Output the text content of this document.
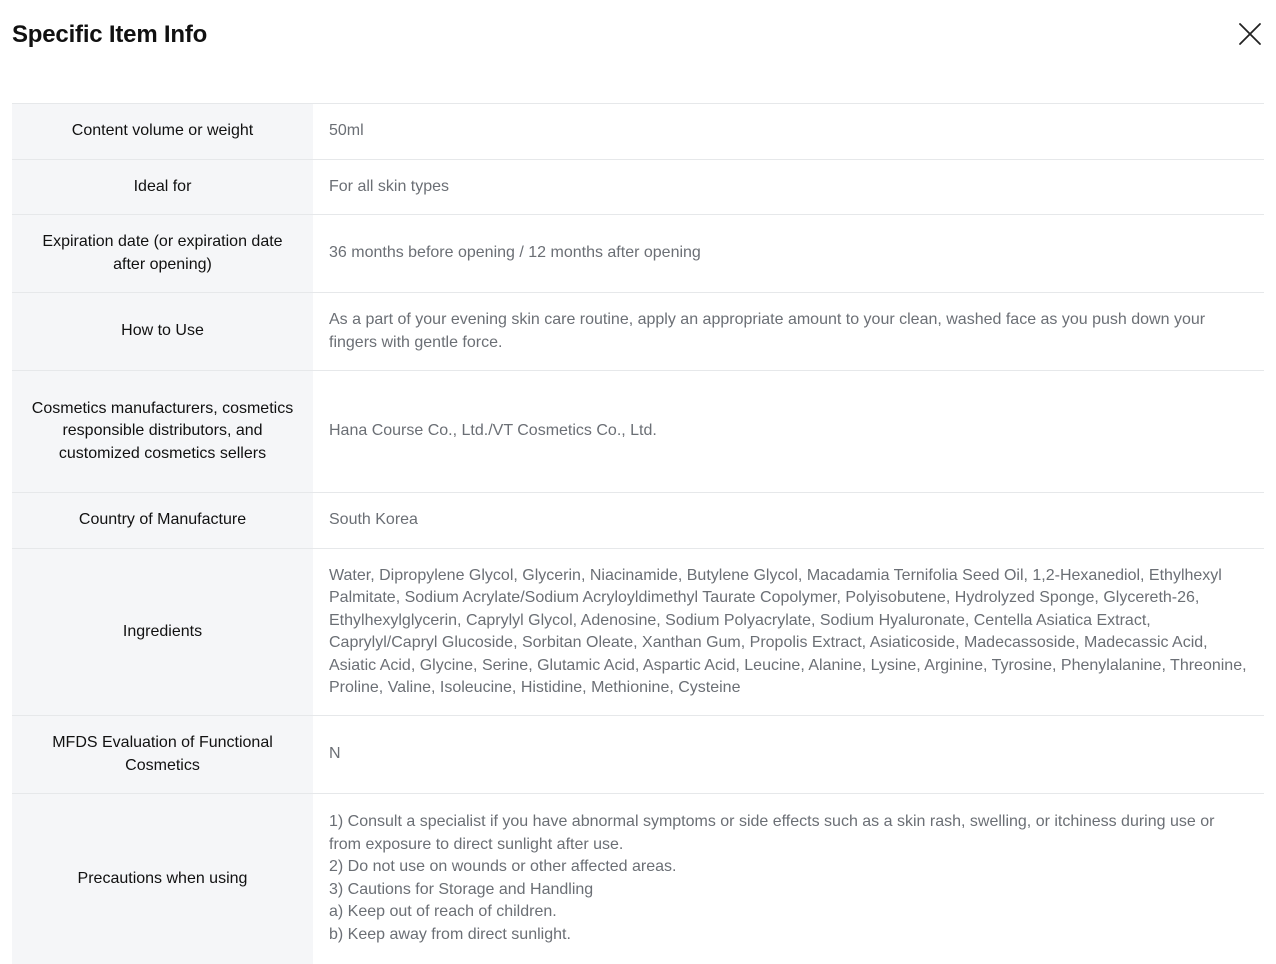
Specific Item Info
Content volume or weight	50ml
Ideal for	For all skin types
Expiration date (or expiration date after opening)	36 months before opening / 12 months after opening
How to Use	As a part of your evening skin care routine, apply an appropriate amount to your clean, washed face as you push down your fingers with gentle force.
Cosmetics manufacturers, cosmetics responsible distributors, and customized cosmetics sellers	Hana Course Co., Ltd./VT Cosmetics Co., Ltd.
Country of Manufacture	South Korea
Ingredients	Water, Dipropylene Glycol, Glycerin, Niacinamide, Butylene Glycol, Macadamia Ternifolia Seed Oil, 1,2-Hexanediol, Ethylhexyl Palmitate, Sodium Acrylate/Sodium Acryloyldimethyl Taurate Copolymer, Polyisobutene, Hydrolyzed Sponge, Glycereth-26, Ethylhexylglycerin, Caprylyl Glycol, Adenosine, Sodium Polyacrylate, Sodium Hyaluronate, Centella Asiatica Extract, Caprylyl/Capryl Glucoside, Sorbitan Oleate, Xanthan Gum, Propolis Extract, Asiaticoside, Madecassoside, Madecassic Acid, Asiatic Acid, Glycine, Serine, Glutamic Acid, Aspartic Acid, Leucine, Alanine, Lysine, Arginine, Tyrosine, Phenylalanine, Threonine, Proline, Valine, Isoleucine, Histidine, Methionine, Cysteine
MFDS Evaluation of Functional Cosmetics	N
Precautions when using	1) Consult a specialist if you have abnormal symptoms or side effects such as a skin rash, swelling, or itchiness during use or from exposure to direct sunlight after use.
2) Do not use on wounds or other affected areas.
3) Cautions for Storage and Handling
a) Keep out of reach of children.
b) Keep away from direct sunlight.
